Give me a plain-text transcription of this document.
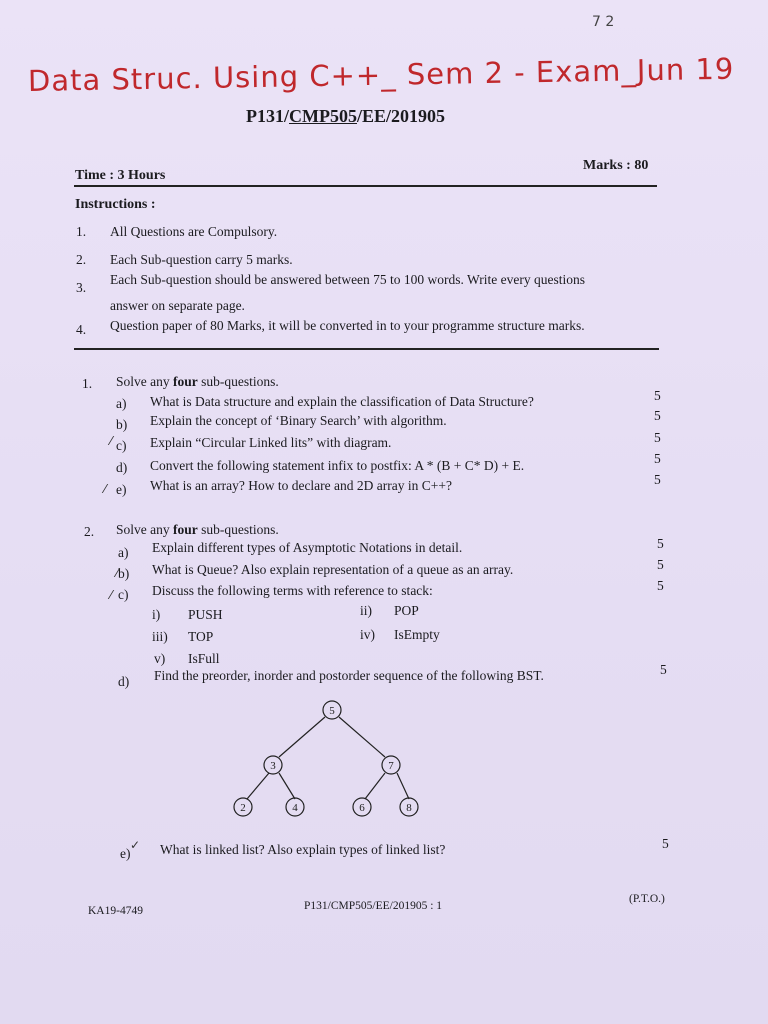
7 2
Data Struc. Using C++_ Sem 2 - Exam_Jun 19
P131/CMP505/EE/201905
Time : 3 Hours
Marks : 80
Instructions :
1. All Questions are Compulsory.
2. Each Sub-question carry 5 marks.
3.
Each Sub-question should be answered between 75 to 100 words. Write every questions
answer on separate page.
4. Question paper of 80 Marks, it will be converted in to your programme structure marks.
1. Solve any four sub-questions.
a) What is Data structure and explain the classification of Data Structure?	5
b) Explain the concept of ‘Binary Search’ with algorithm.	5
c) Explain “Circular Linked lits” with diagram.	5
⁄
d) Convert the following statement infix to postfix: A * (B + C* D) + E.	5
e) What is an array? How to declare and 2D array in C++?	5
⁄
2. Solve any four sub-questions.
a) Explain different types of Asymptotic Notations in detail.	5
b) What is Queue? Also explain representation of a queue as an array.	5
⁄
c) Discuss the following terms with reference to stack:	5
⁄
i) PUSH	ii) POP
iii) TOP	iv) IsEmpty
v) IsFull
d) Find the preorder, inorder and postorder sequence of the following BST.	5
5
3	7
2	4	6	8
e) What is linked list? Also explain types of linked list?	5
✓
KA19-4749	P131/CMP505/EE/201905 : 1
(P.T.O.)
